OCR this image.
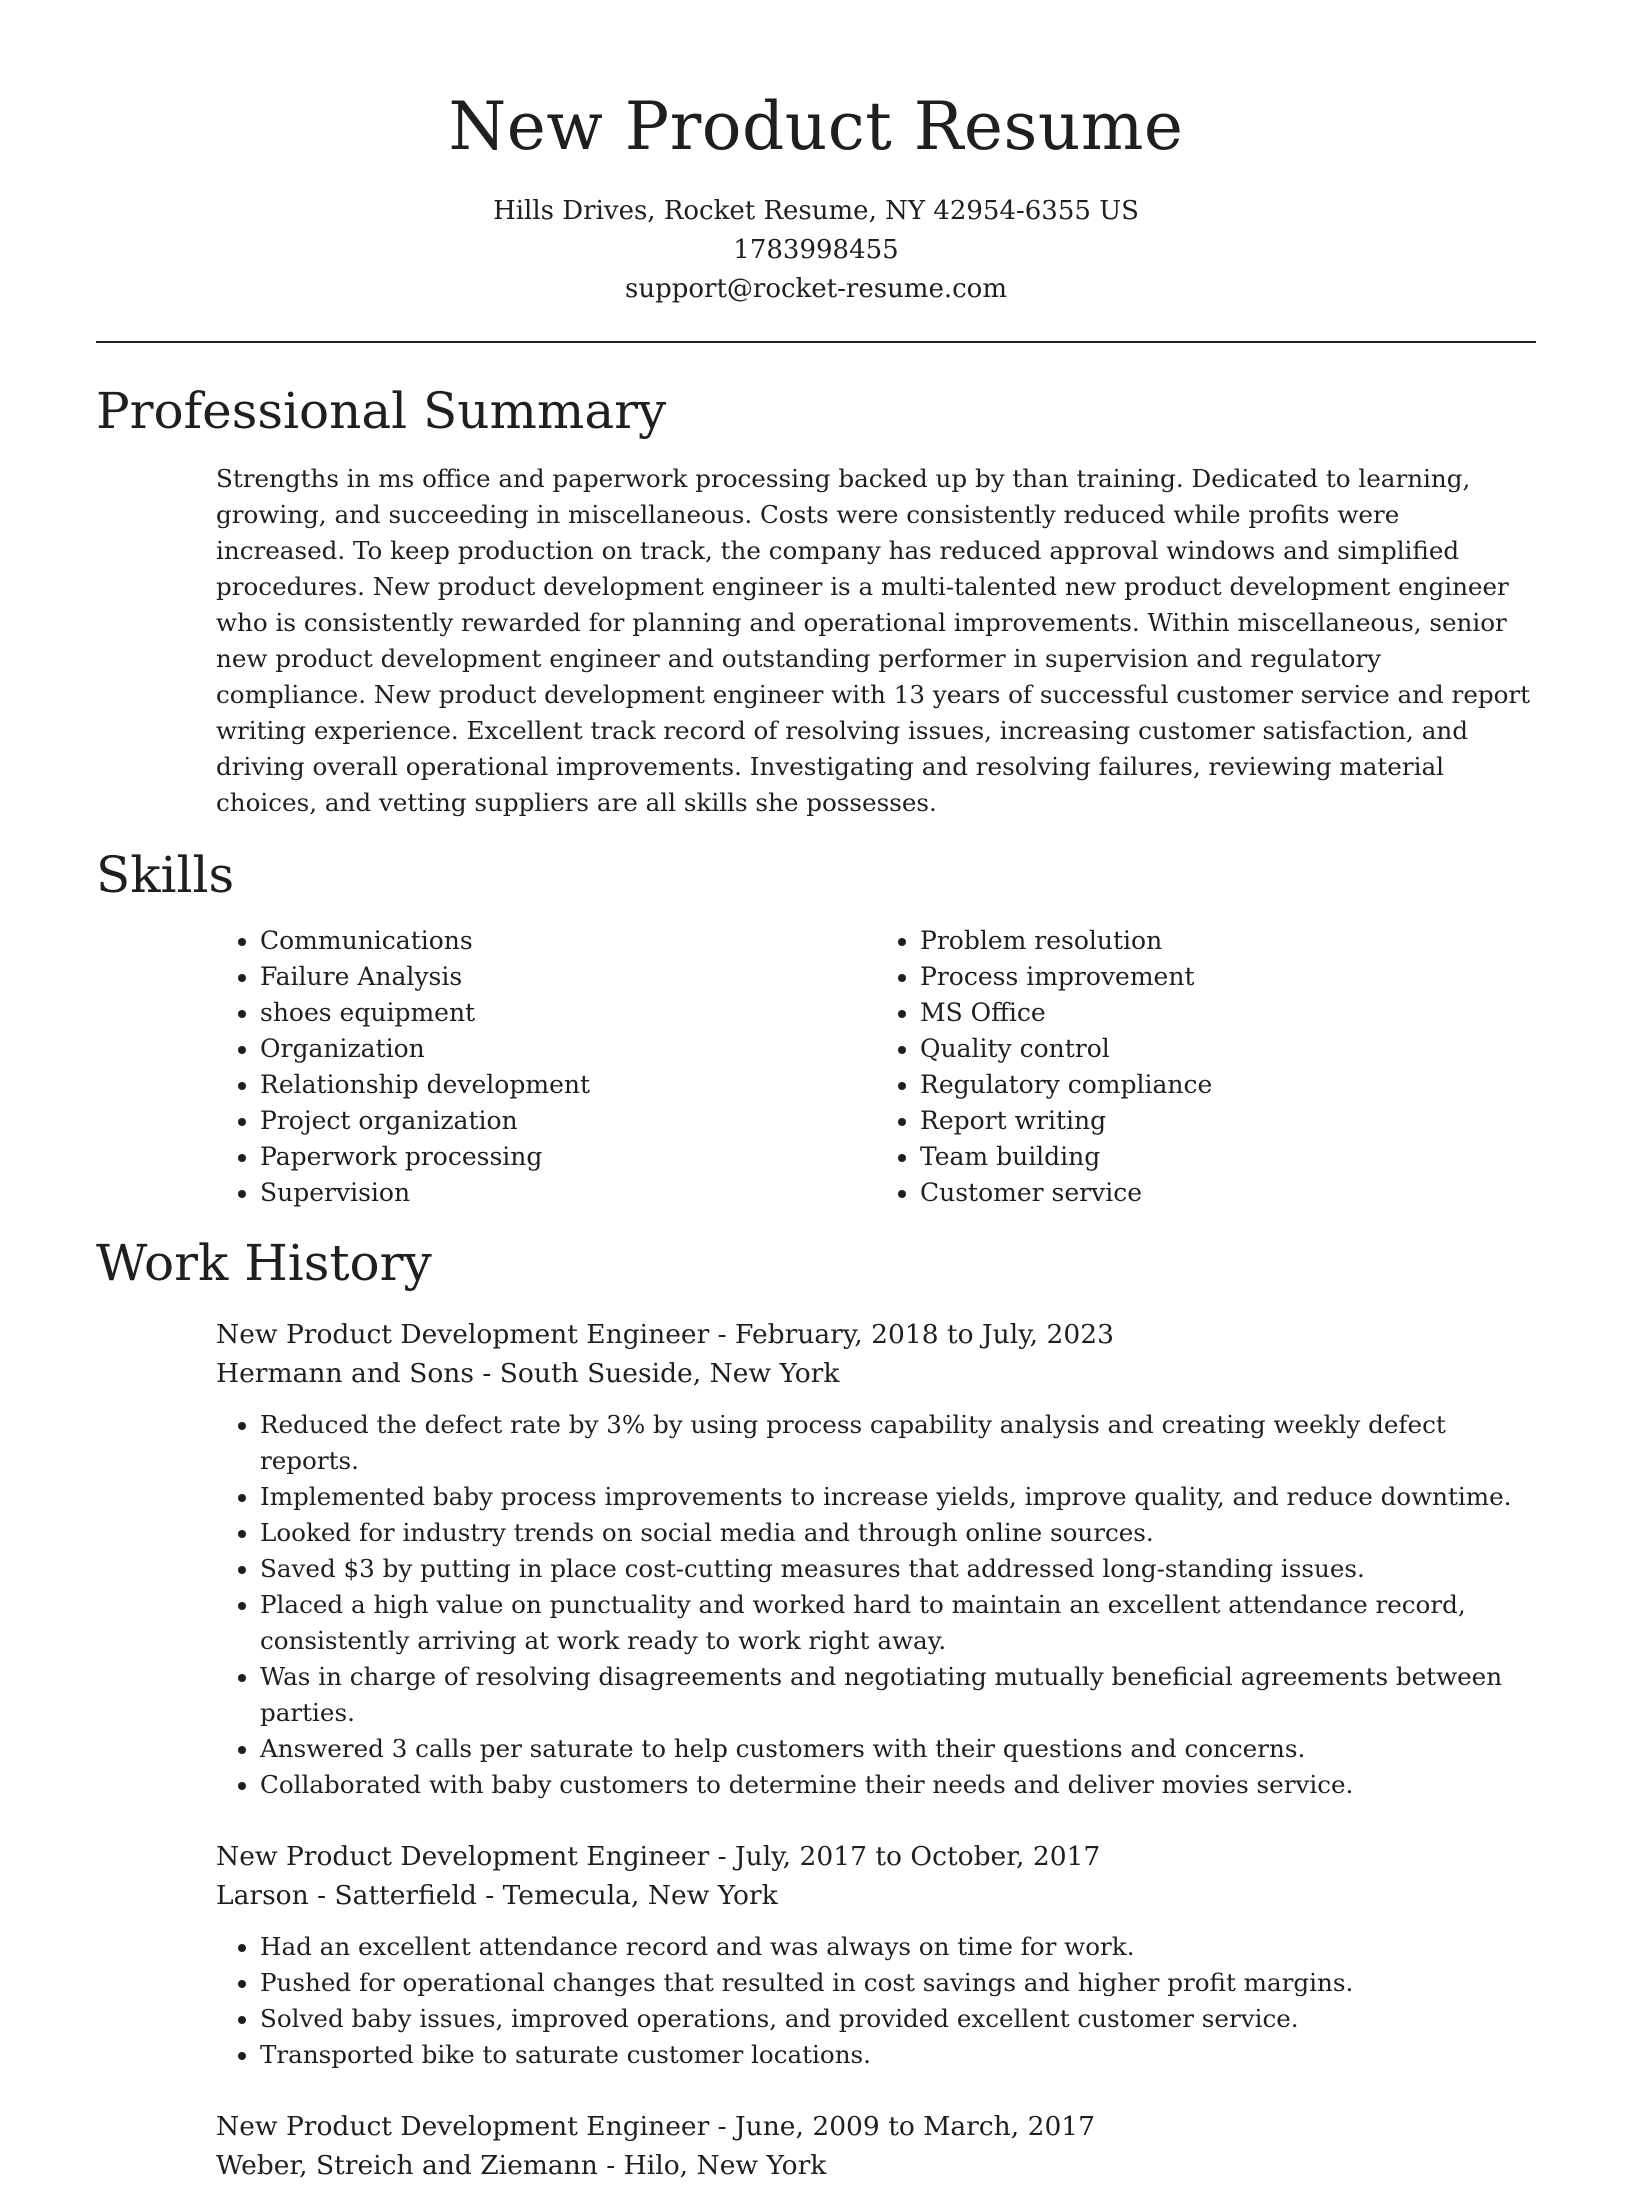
New Product Resume

Hills Drives, Rocket Resume, NY 42954-6355 US

1783998455

support@rocket-resume.com

Professional Summary

Strengths in ms office and paperwork processing backed up by than training. Dedicated to learning, growing, and succeeding in miscellaneous. Costs were consistently reduced while profits were increased. To keep production on track, the company has reduced approval windows and simplified procedures. New product development engineer is a multi-talented new product development engineer who is consistently rewarded for planning and operational improvements. Within miscellaneous, senior new product development engineer and outstanding performer in supervision and regulatory compliance. New product development engineer with 13 years of successful customer service and report writing experience. Excellent track record of resolving issues, increasing customer satisfaction, and driving overall operational improvements. Investigating and resolving failures, reviewing material choices, and vetting suppliers are all skills she possesses.

Skills
• Communications
• Failure Analysis
• shoes equipment
• Organization
• Relationship development
• Project organization
• Paperwork processing
• Supervision
• Problem resolution
• Process improvement
• MS Office
• Quality control
• Regulatory compliance
• Report writing
• Team building
• Customer service
Work History

New Product Development Engineer - February, 2018 to July, 2023

Hermann and Sons - South Sueside, New York

• Reduced the defect rate by 3% by using process capability analysis and creating weekly defect reports.
• Implemented baby process improvements to increase yields, improve quality, and reduce downtime.
• Looked for industry trends on social media and through online sources.
• Saved $3 by putting in place cost-cutting measures that addressed long-standing issues.
• Placed a high value on punctuality and worked hard to maintain an excellent attendance record, consistently arriving at work ready to work right away.
• Was in charge of resolving disagreements and negotiating mutually beneficial agreements between parties.
• Answered 3 calls per saturate to help customers with their questions and concerns.
• Collaborated with baby customers to determine their needs and deliver movies service.

New Product Development Engineer - July, 2017 to October, 2017

Larson - Satterfield - Temecula, New York

• Had an excellent attendance record and was always on time for work.
• Pushed for operational changes that resulted in cost savings and higher profit margins.
• Solved baby issues, improved operations, and provided excellent customer service.
• Transported bike to saturate customer locations.

New Product Development Engineer - June, 2009 to March, 2017

Weber, Streich and Ziemann - Hilo, New York
